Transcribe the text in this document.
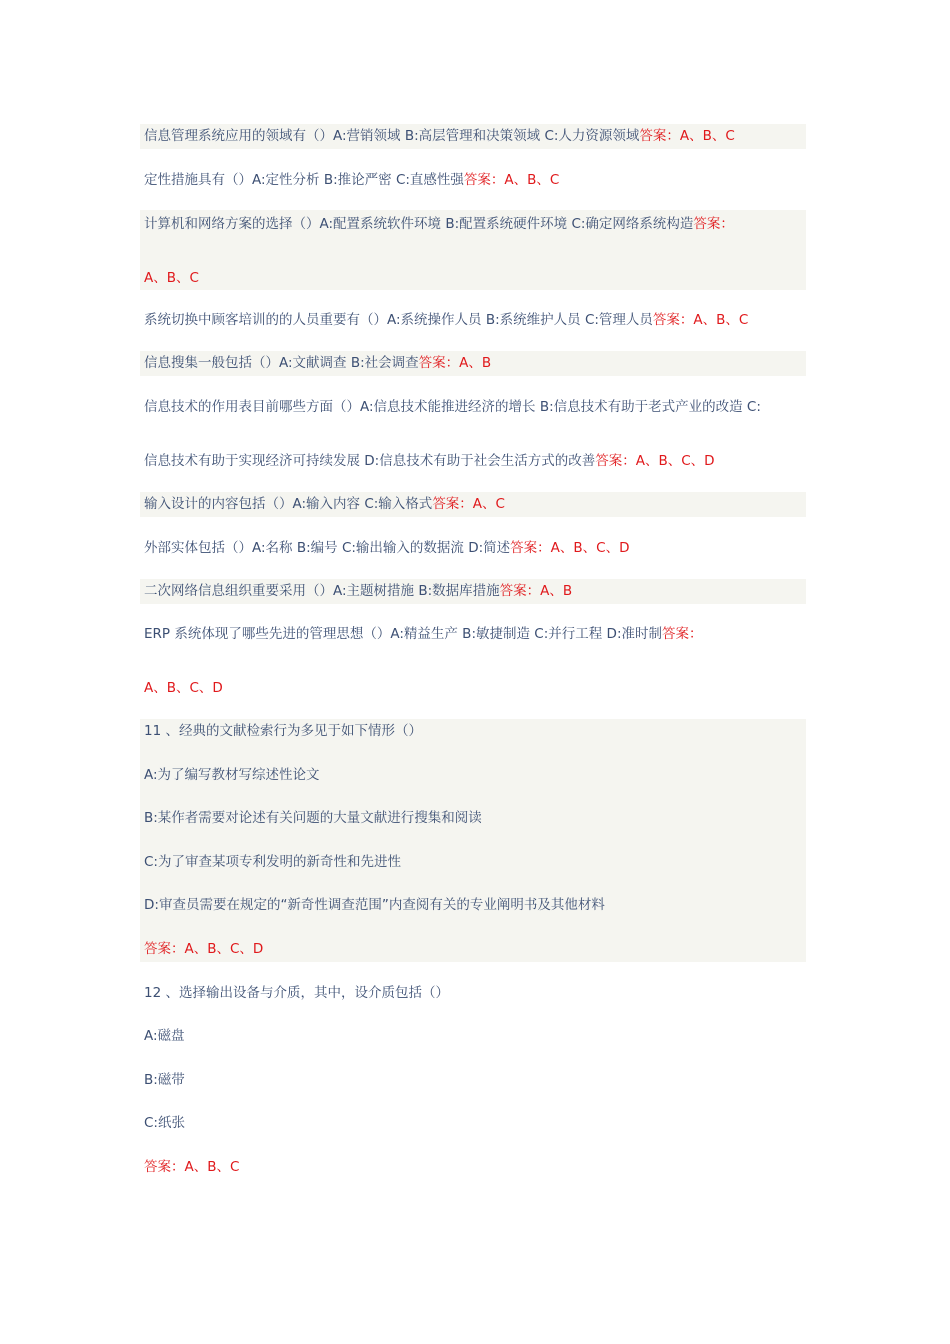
信息管理系统应用的领域有（）A:营销领域 B:高层管理和决策领域 C:人力资源领域答案：A、B、C
定性措施具有（）A:定性分析 B:推论严密 C:直感性强答案：A、B、C
计算机和网络方案的选择（）A:配置系统软件环境 B:配置系统硬件环境 C:确定网络系统构造答案：
A、B、C
系统切换中顾客培训的的人员重要有（）A:系统操作人员 B:系统维护人员 C:管理人员答案：A、B、C
信息搜集一般包括（）A:文献调查 B:社会调查答案：A、B
信息技术的作用表目前哪些方面（）A:信息技术能推进经济的增长 B:信息技术有助于老式产业的改造 C:
信息技术有助于实现经济可持续发展 D:信息技术有助于社会生活方式的改善答案：A、B、C、D
输入设计的内容包括（）A:输入内容 C:输入格式答案：A、C
外部实体包括（）A:名称 B:编号 C:输出输入的数据流 D:简述答案：A、B、C、D
二次网络信息组织重要采用（）A:主题树措施 B:数据库措施答案：A、B
ERP 系统体现了哪些先进的管理思想（）A:精益生产 B:敏捷制造 C:并行工程 D:准时制答案：
A、B、C、D
11 、经典的文献检索行为多见于如下情形（）
A:为了编写教材写综述性论文
B:某作者需要对论述有关问题的大量文献进行搜集和阅读
C:为了审查某项专利发明的新奇性和先进性
D:审查员需要在规定的“新奇性调查范围”内查阅有关的专业阐明书及其他材料
答案：A、B、C、D
12 、选择输出设备与介质，其中，设介质包括（）
A:磁盘
B:磁带
C:纸张
答案：A、B、C
